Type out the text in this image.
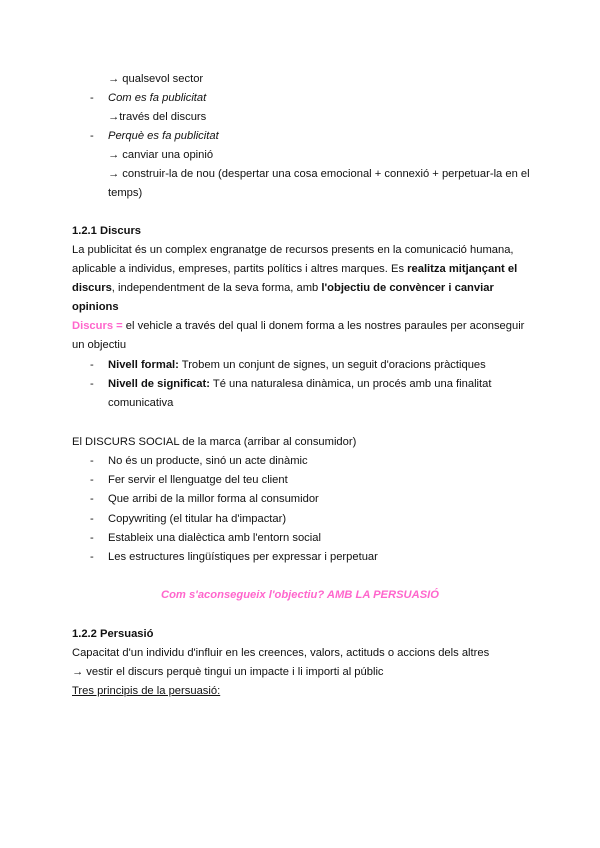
→ qualsevol sector
- Com es fa publicitat
→través del discurs
- Perquè es fa publicitat
→ canviar una opinió
→ construir-la de nou (despertar una cosa emocional + connexió + perpetuar-la en el
temps)
1.2.1 Discurs
La publicitat és un complex engranatge de recursos presents en la comunicació humana,
aplicable a individus, empreses, partits polítics i altres marques. Es realitza mitjançant el
discurs, independentment de la seva forma, amb l'objectiu de convèncer i canviar
opinions
Discurs = el vehicle a través del qual li donem forma a les nostres paraules per aconseguir
un objectiu
- Nivell formal: Trobem un conjunt de signes, un seguit d'oracions pràctiques
- Nivell de significat: Té una naturalesa dinàmica, un procés amb una finalitat
comunicativa
El DISCURS SOCIAL de la marca (arribar al consumidor)
- No és un producte, sinó un acte dinàmic
- Fer servir el llenguatge del teu client
- Que arribi de la millor forma al consumidor
- Copywriting (el titular ha d'impactar)
- Estableix una dialèctica amb l'entorn social
- Les estructures lingüístiques per expressar i perpetuar
Com s'aconsegueix l'objectiu? AMB LA PERSUASIÓ
1.2.2 Persuasió
Capacitat d'un individu d'influir en les creences, valors, actituds o accions dels altres
→ vestir el discurs perquè tingui un impacte i li importi al públic
Tres principis de la persuasió:
